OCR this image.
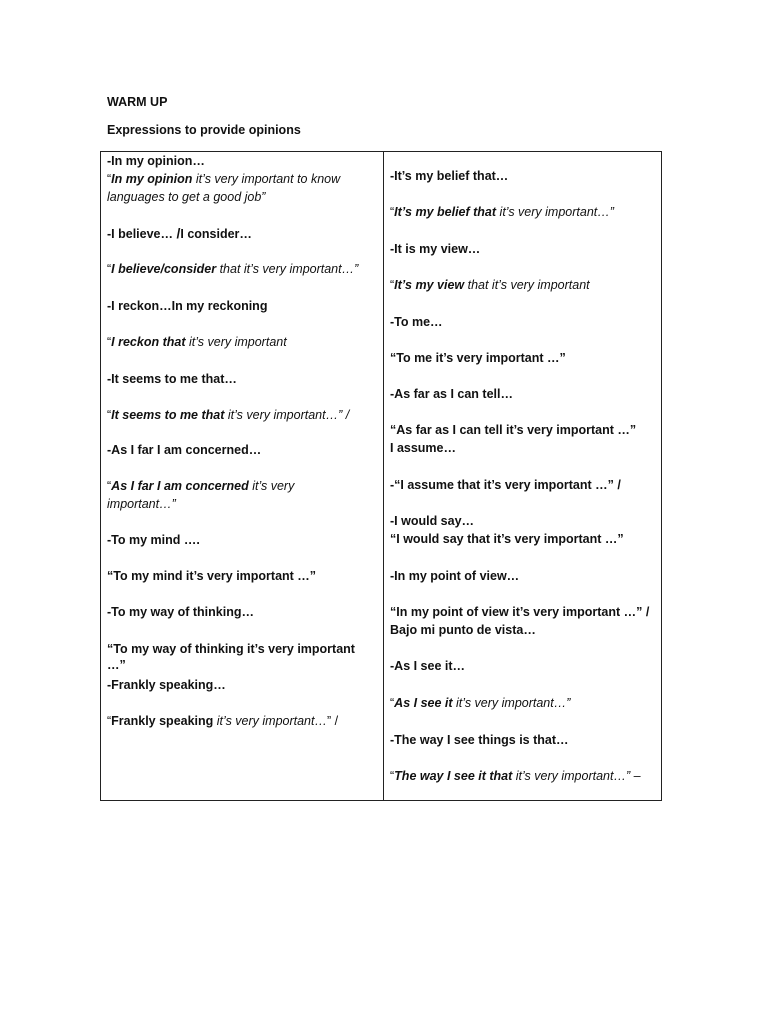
WARM UP
Expressions to provide opinions
-In my opinion…
“In my opinion it’s very important to know
languages to get a good job”
-I believe… /I consider…
“I believe/consider that it’s very important…”
-I reckon…In my reckoning
“I reckon that it’s very important
-It seems to me that…
“It seems to me that it’s very important…” /
-As I far I am concerned…
“As I far I am concerned it’s very
important…”
-To my mind ….
“To my mind it’s very important …”
-To my way of thinking…
“To my way of thinking it’s very important
…”
-Frankly speaking…
“Frankly speaking it’s very important…” /
-It’s my belief that…
“It’s my belief that it’s very important…”
-It is my view…
“It’s my view that it’s very important
-To me…
“To me it’s very important …”
-As far as I can tell…
“As far as I can tell it’s very important …”
I assume…
-“I assume that it’s very important …” /
-I would say…
“I would say that it’s very important …”
-In my point of view…
“In my point of view it’s very important …” /
Bajo mi punto de vista…
-As I see it…
“As I see it it’s very important…”
-The way I see things is that…
“The way I see it that it’s very important…” –
